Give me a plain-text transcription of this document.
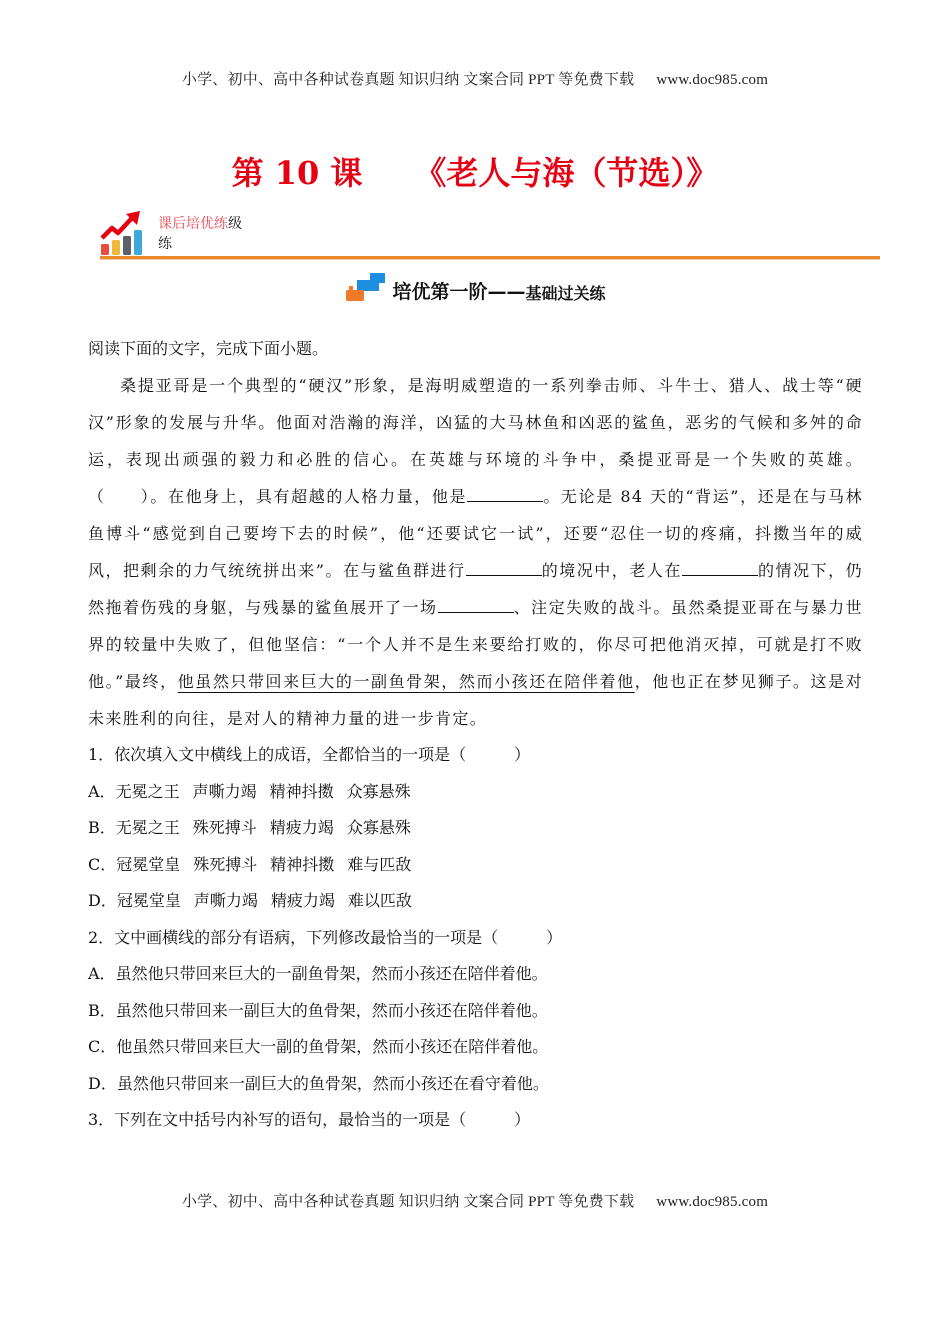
小学、初中、高中各种试卷真题 知识归纳 文案合同 PPT 等免费下载 www.doc985.com
第 10 课 《老人与海（节选）》
课后培优练级
练
培优第一阶—— 基础过关练

阅读下面的文字，完成下面小题。

桑提亚哥是一个典型的“硬汉”形象，是海明威塑造的一系列拳击师、斗牛士、猎人、战士等“硬汉”形象的发展与升华。他面对浩瀚的海洋，凶猛的大马林鱼和凶恶的鲨鱼，恶劣的气候和多舛的命运，表现出顽强的毅力和必胜的信心。在英雄与环境的斗争中，桑提亚哥是一个失败的英雄。（　　）。在他身上，具有超越的人格力量，他是	。无论是 84 天的“背运”，还是在与马林鱼博斗“感觉到自己要垮下去的时候”，他“还要试它一试”，还要“忍住一切的疼痛，抖擞当年的威风，把剩余的力气统统拼出来”。在与鲨鱼群进行	的境况中，老人在	的情况下，仍然拖着伤残的身躯，与残暴的鲨鱼展开了一场	、注定失败的战斗。虽然桑提亚哥在与暴力世界的较量中失败了，但他坚信：“一个人并不是生来要给打败的，你尽可把他消灭掉，可就是打不败他。”最终，他虽然只带回来巨大的一副鱼骨架，然而小孩还在陪伴着他，他也正在梦见狮子。这是对未来胜利的向往，是对人的精神力量的进一步肯定。

1．依次填入文中横线上的成语，全都恰当的一项是（　　　）

A．无冕之王 声嘶力竭 精神抖擞 众寡悬殊

B．无冕之王 殊死搏斗 精疲力竭 众寡悬殊

C．冠冕堂皇 殊死搏斗 精神抖擞 难与匹敌

D．冠冕堂皇 声嘶力竭 精疲力竭 难以匹敌

2．文中画横线的部分有语病，下列修改最恰当的一项是（　　　）

A．虽然他只带回来巨大的一副鱼骨架，然而小孩还在陪伴着他。

B．虽然他只带回来一副巨大的鱼骨架，然而小孩还在陪伴着他。

C．他虽然只带回来巨大一副的鱼骨架，然而小孩还在陪伴着他。

D．虽然他只带回来一副巨大的鱼骨架，然而小孩还在看守着他。

3．下列在文中括号内补写的语句，最恰当的一项是（　　　）

小学、初中、高中各种试卷真题 知识归纳 文案合同 PPT 等免费下载 www.doc985.com
